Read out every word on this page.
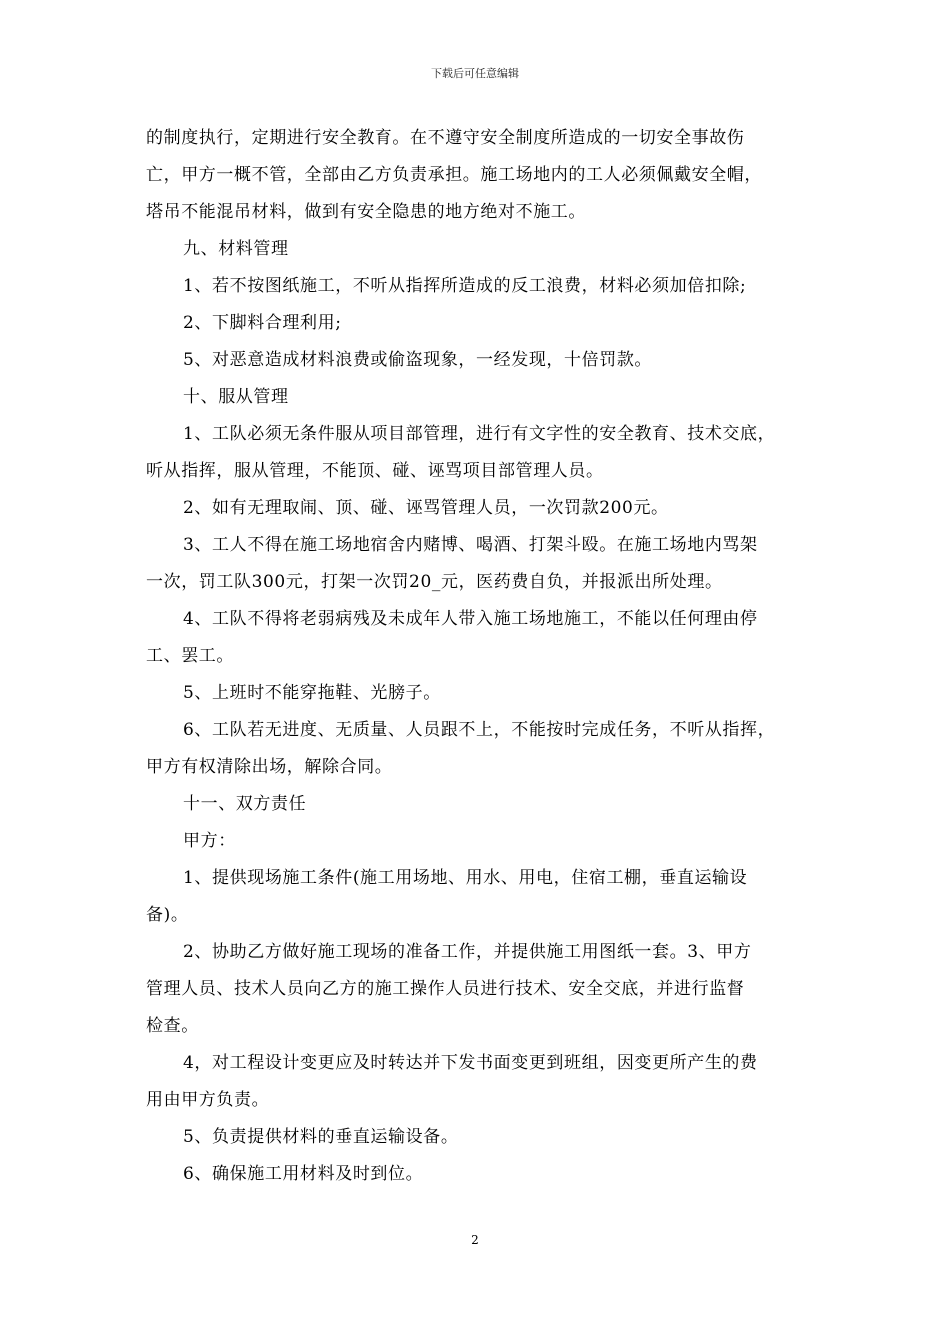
下载后可任意编辑

的制度执行，定期进行安全教育。在不遵守安全制度所造成的一切安全事故伤

亡，甲方一概不管，全部由乙方负责承担。施工场地内的工人必须佩戴安全帽，

塔吊不能混吊材料，做到有安全隐患的地方绝对不施工。

九、材料管理

1、若不按图纸施工，不听从指挥所造成的反工浪费，材料必须加倍扣除;

2、下脚料合理利用;

5、对恶意造成材料浪费或偷盗现象，一经发现，十倍罚款。

十、服从管理

1、工队必须无条件服从项目部管理，进行有文字性的安全教育、技术交底，

听从指挥，服从管理，不能顶、碰、诬骂项目部管理人员。

2、如有无理取闹、顶、碰、诬骂管理人员，一次罚款200元。

3、工人不得在施工场地宿舍内赌博、喝酒、打架斗殴。在施工场地内骂架

一次，罚工队300元，打架一次罚20_元，医药费自负，并报派出所处理。

4、工队不得将老弱病残及未成年人带入施工场地施工，不能以任何理由停

工、罢工。

5、上班时不能穿拖鞋、光膀子。

6、工队若无进度、无质量、人员跟不上，不能按时完成任务，不听从指挥，

甲方有权清除出场，解除合同。

十一、双方责任

甲方：

1、提供现场施工条件(施工用场地、用水、用电，住宿工棚，垂直运输设

备)。

2、协助乙方做好施工现场的准备工作，并提供施工用图纸一套。3、甲方

管理人员、技术人员向乙方的施工操作人员进行技术、安全交底，并进行监督

检查。

4，对工程设计变更应及时转达并下发书面变更到班组，因变更所产生的费

用由甲方负责。

5、负责提供材料的垂直运输设备。

6、确保施工用材料及时到位。

2
